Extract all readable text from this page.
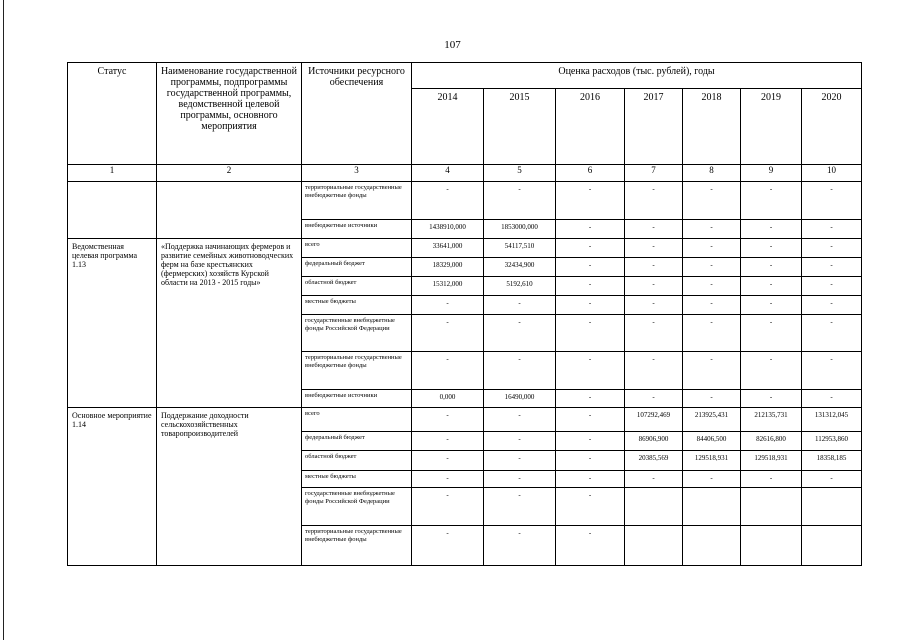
107
Статус	Наименование государственной программы, подпрограммы государственной программы, ведомственной целевой программы, основного мероприятия	Источники ресурсного обеспечения	Оценка расходов (тыс. рублей), годы						
			2014	2015	2016	2017	2018	2019	2020
1	2	3	4	5	6	7	8	9	10
		территориальные государственные внебюджетные фонды	-	-	-	-	-	-	-
		внебюджетные источники	1438910,000	1853000,000	-	-	-	-	-
Ведомственная целевая программа 1.13	«Поддержка начинающих фермеров и развитие семейных животноводческих ферм на базе крестьянских (фермерских) хозяйств Курской области на 2013 - 2015 годы»	всего	33641,000	54117,510	-	-	-	-	-
		федеральный бюджет	18329,000	32434,900	-	-	-	-	-
		областной бюджет	15312,000	5192,610	-	-	-	-	-
		местные бюджеты	-	-	-	-	-	-	-
		государственные внебюджетные фонды Российской Федерации	-	-	-	-	-	-	-
		территориальные государственные внебюджетные фонды	-	-	-	-	-	-	-
		внебюджетные источники	0,000	16490,000	-	-	-	-	-
Основное мероприятие 1.14	Поддержание доходности сельскохозяйственных товаропроизводителей	всего	-	-	-	107292,469	213925,431	212135,731	131312,045
		федеральный бюджет	-	-	-	86906,900	84406,500	82616,800	112953,860
		областной бюджет	-	-	-	20385,569	129518,931	129518,931	18358,185
		местные бюджеты	-	-	-	-	-	-	-
		государственные внебюджетные фонды Российской Федерации	-	-	-				
		территориальные государственные внебюджетные фонды	-	-	-				
